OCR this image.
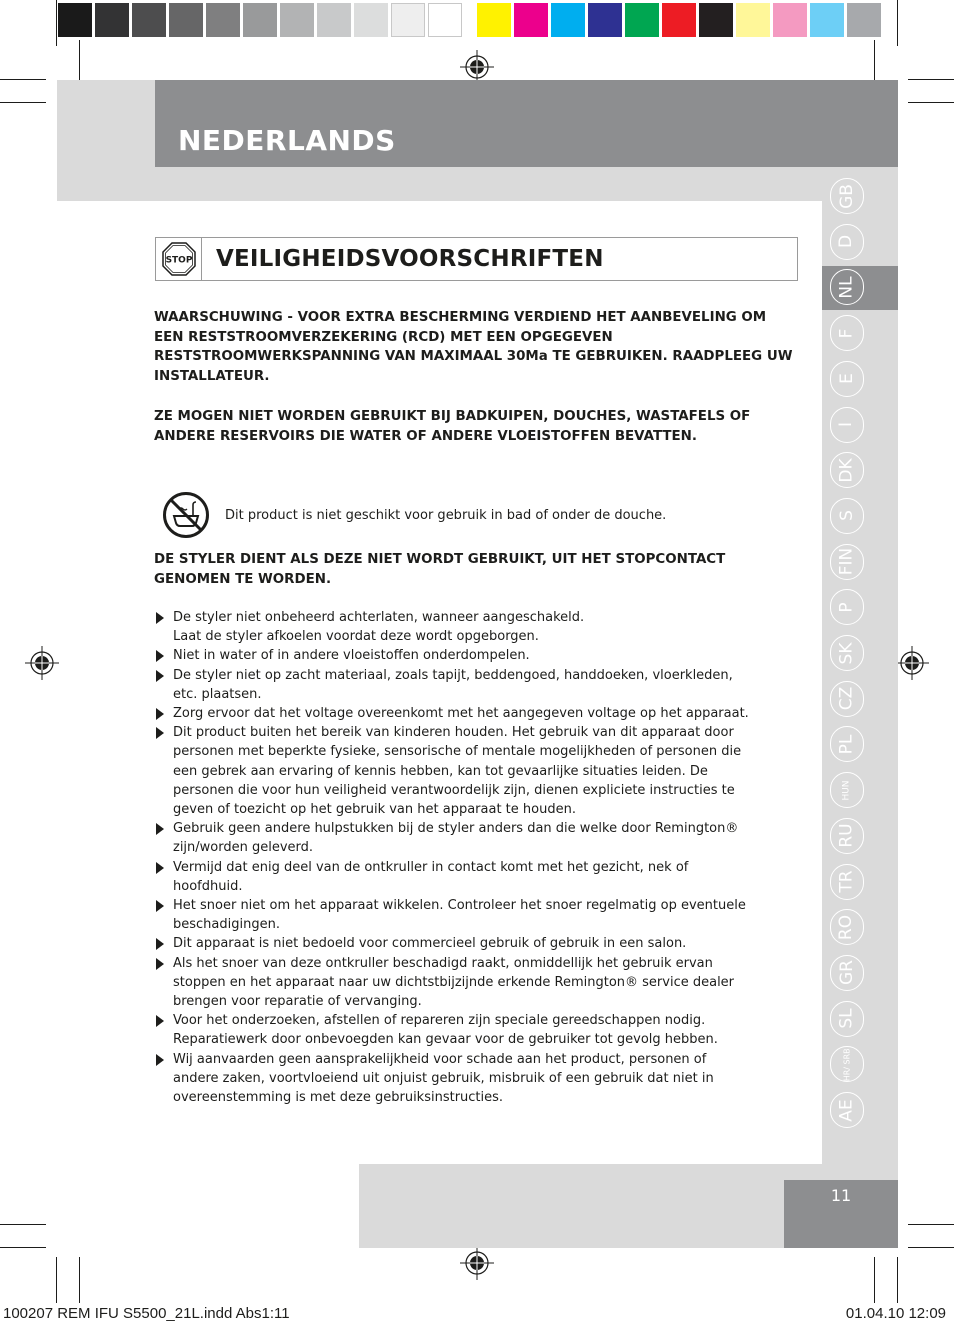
NEDERLANDS
GB
D
NL
F
E
I
DK
S
FIN
P
SK
CZ
PL
HUN
RU
TR
RO
GR
SL
HR/ SRB
AE
STOP VEILIGHEIDSVOORSCHRIFTEN
WAARSCHUWING - VOOR EXTRA BESCHERMING VERDIEND HET AANBEVELING OM EEN RESTSTROOMVERZEKERING (RCD) MET EEN OPGEGEVEN RESTSTROOMWERKSPANNING VAN MAXIMAAL 30Ma TE GEBRUIKEN. RAADPLEEG UW INSTALLATEUR.
ZE MOGEN NIET WORDEN GEBRUIKT BIJ BADKUIPEN, DOUCHES, WASTAFELS OF ANDERE RESERVOIRS DIE WATER OF ANDERE VLOEISTOFFEN BEVATTEN.
Dit product is niet geschikt voor gebruik in bad of onder de douche.
DE STYLER DIENT ALS DEZE NIET WORDT GEBRUIKT, UIT HET STOPCONTACT GENOMEN TE WORDEN.
De styler niet onbeheerd achterlaten, wanneer aangeschakeld.
Laat de styler afkoelen voordat deze wordt opgeborgen.
Niet in water of in andere vloeistoffen onderdompelen.
De styler niet op zacht materiaal, zoals tapijt, beddengoed, handdoeken, vloerkleden,
etc. plaatsen.
Zorg ervoor dat het voltage overeenkomt met het aangegeven voltage op het apparaat.
Dit product buiten het bereik van kinderen houden. Het gebruik van dit apparaat door
personen met beperkte fysieke, sensorische of mentale mogelijkheden of personen die
een gebrek aan ervaring of kennis hebben, kan tot gevaarlijke situaties leiden. De
personen die voor hun veiligheid verantwoordelijk zijn, dienen expliciete instructies te
geven of toezicht op het gebruik van het apparaat te houden.
Gebruik geen andere hulpstukken bij de styler anders dan die welke door Remington®
zijn/worden geleverd.
Vermijd dat enig deel van de ontkruller in contact komt met het gezicht, nek of
hoofdhuid.
Het snoer niet om het apparaat wikkelen. Controleer het snoer regelmatig op eventuele
beschadigingen.
Dit apparaat is niet bedoeld voor commercieel gebruik of gebruik in een salon.
Als het snoer van deze ontkruller beschadigd raakt, onmiddellijk het gebruik ervan
stoppen en het apparaat naar uw dichtstbijzijnde erkende Remington® service dealer
brengen voor reparatie of vervanging.
Voor het onderzoeken, afstellen of repareren zijn speciale gereedschappen nodig.
Reparatiewerk door onbevoegden kan gevaar voor de gebruiker tot gevolg hebben.
Wij aanvaarden geen aansprakelijkheid voor schade aan het product, personen of
andere zaken, voortvloeiend uit onjuist gebruik, misbruik of een gebruik dat niet in
overeenstemming is met deze gebruiksinstructies.
11
100207 REM IFU S5500_21L.indd Abs1:11	01.04.10 12:09
